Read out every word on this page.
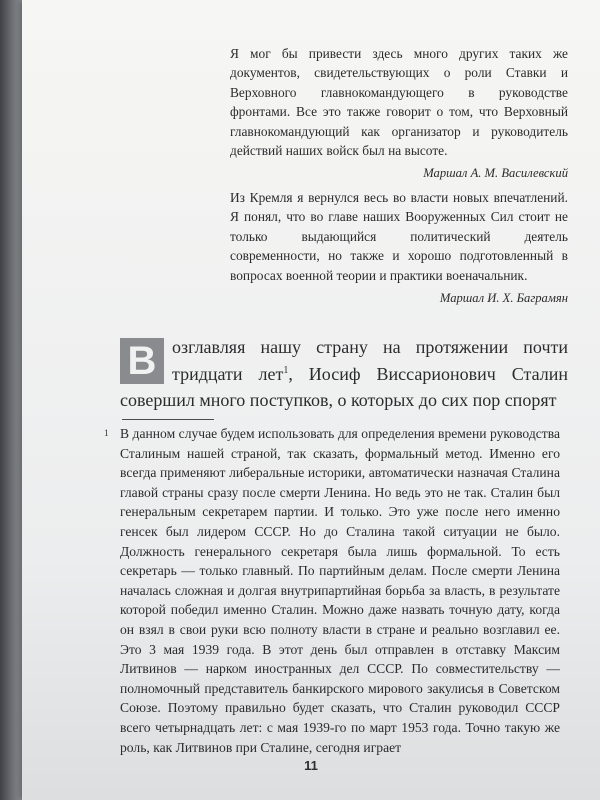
Я мог бы привести здесь много других таких же документов, свидетельствующих о роли Ставки и Верховного главнокомандующего в руководстве фронтами. Все это также говорит о том, что Верховный главнокомандующий как организатор и руководитель действий наших войск был на высоте.

Маршал А. М. Василевский

Из Кремля я вернулся весь во власти новых впечатлений. Я понял, что во главе наших Вооруженных Сил стоит не только выдающийся политический деятель современности, но также и хорошо подготовленный в вопросах военной теории и практики военачальник.

Маршал И. Х. Баграмян

В озглавляя нашу страну на протяжении почти тридцати лет$^1$, Иосиф Виссарионович Сталин совершил много поступков, о которых до сих пор спорят
1 В данном случае будем использовать для определения времени руководства Сталиным нашей страной, так сказать, формальный метод. Именно его всегда применяют либеральные историки, автоматически назначая Сталина главой страны сразу после смерти Ленина. Но ведь это не так. Сталин был генеральным секретарем партии. И только. Это уже после него именно генсек был лидером СССР. Но до Сталина такой ситуации не было. Должность генерального секретаря была лишь формальной. То есть секретарь — только главный. По партийным делам. После смерти Ленина началась сложная и долгая внутрипартийная борьба за власть, в результате которой победил именно Сталин. Можно даже назвать точную дату, когда он взял в свои руки всю полноту власти в стране и реально возглавил ее. Это 3 мая 1939 года. В этот день был отправлен в отставку Максим Литвинов — нарком иностранных дел СССР. По совместительству — полномочный представитель банкирского мирового закулисья в Советском Союзе. Поэтому правильно будет сказать, что Сталин руководил СССР всего четырнадцать лет: с мая 1939-го по март 1953 года. Точно такую же роль, как Литвинов при Сталине, сегодня играет
11
